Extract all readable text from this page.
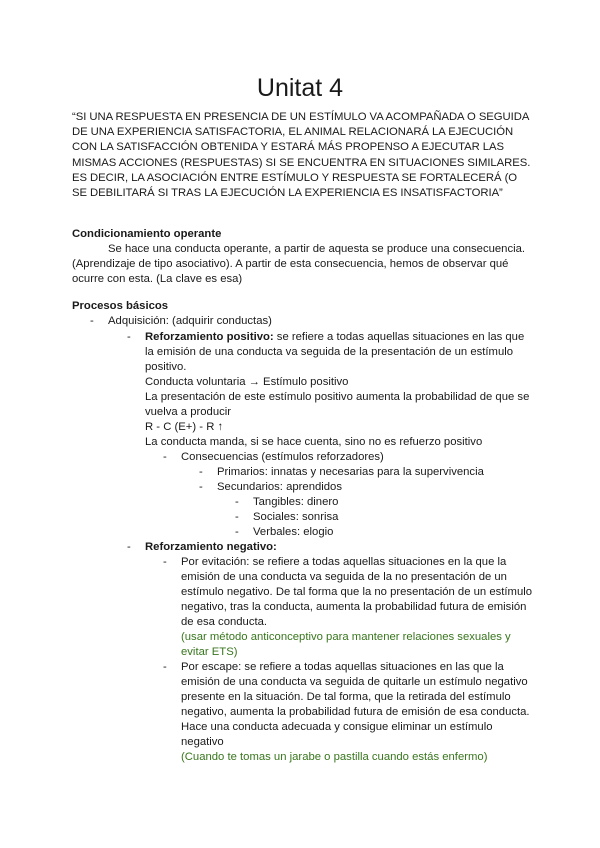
Unitat 4
“SI UNA RESPUESTA EN PRESENCIA DE UN ESTÍMULO VA ACOMPAÑADA O SEGUIDA DE UNA EXPERIENCIA SATISFACTORIA, EL ANIMAL RELACIONARÁ LA EJECUCIÓN CON LA SATISFACCIÓN OBTENIDA Y ESTARÁ MÁS PROPENSO A EJECUTAR LAS MISMAS ACCIONES (RESPUESTAS) SI SE ENCUENTRA EN SITUACIONES SIMILARES. ES DECIR, LA ASOCIACIÓN ENTRE ESTÍMULO Y RESPUESTA SE FORTALECERÁ (O SE DEBILITARÁ SI TRAS LA EJECUCIÓN LA EXPERIENCIA ES INSATISFACTORIA”
Condicionamiento operante
Se hace una conducta operante, a partir de aquesta se produce una consecuencia.
(Aprendizaje de tipo asociativo). A partir de esta consecuencia, hemos de observar qué
ocurre con esta. (La clave es esa)
Procesos básicos
- Adquisición: (adquirir conductas)
- Reforzamiento positivo: se refiere a todas aquellas situaciones en las que
la emisión de una conducta va seguida de la presentación de un estímulo
positivo.
Conducta voluntaria → Estímulo positivo
La presentación de este estímulo positivo aumenta la probabilidad de que se
vuelva a producir
R - C (E+) - R ↑
La conducta manda, si se hace cuenta, sino no es refuerzo positivo
- Consecuencias (estímulos reforzadores)
- Primarios: innatas y necesarias para la supervivencia
- Secundarios: aprendidos
- Tangibles: dinero
- Sociales: sonrisa
- Verbales: elogio
- Reforzamiento negativo:
- Por evitación: se refiere a todas aquellas situaciones en la que la
emisión de una conducta va seguida de la no presentación de un
estímulo negativo. De tal forma que la no presentación de un estímulo
negativo, tras la conducta, aumenta la probabilidad futura de emisión
de esa conducta.
(usar método anticonceptivo para mantener relaciones sexuales y
evitar ETS)
- Por escape: se refiere a todas aquellas situaciones en las que la
emisión de una conducta va seguida de quitarle un estímulo negativo
presente en la situación. De tal forma, que la retirada del estímulo
negativo, aumenta la probabilidad futura de emisión de esa conducta.
Hace una conducta adecuada y consigue eliminar un estímulo
negativo
(Cuando te tomas un jarabe o pastilla cuando estás enfermo)
